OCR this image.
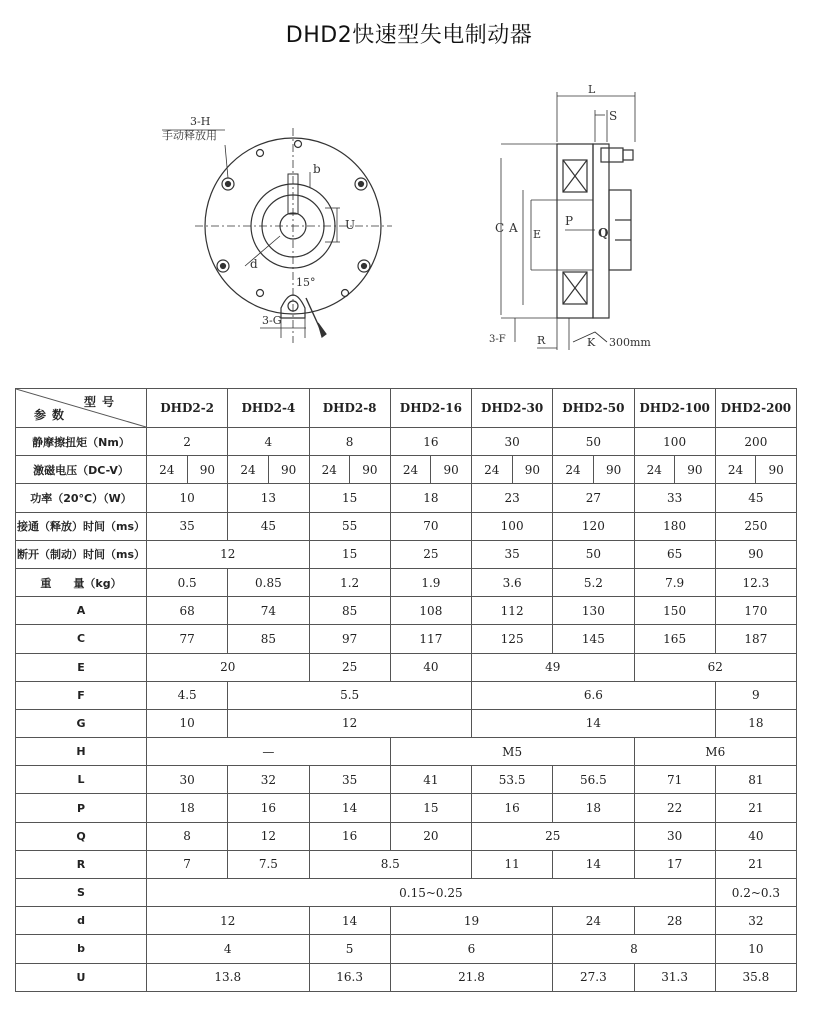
DHD2快速型失电制动器
3-H
手动释放用
b
U
d
15°
3-G
L
S
C A E
P
Q
3-F	R	K 300mm
型号
参数	DHD2-2		DHD2-4		DHD2-8		DHD2-16		DHD2-30		DHD2-50		DHD2-100		DHD2-200	
静摩擦扭矩（Nm）	2		4		8		16		30		50		100		200	
激磁电压（DC-V）	24	90	24	90	24	90	24	90	24	90	24	90	24	90	24	90
功率（20°C）（W）	10		13		15		18		23		27		33		45	
接通（释放）时间（ms）	35		45		55		70		100		120		180		250	
断开（制动）时间（ms）	12				15		25		35		50		65		90	
重　　量（kg）	0.5		0.85		1.2		1.9		3.6		5.2		7.9		12.3	
A	68		74		85		108		112		130		150		170	
C	77		85		97		117		125		145		165		187	
E	20				25		40		49				62			
F	4.5		5.5						6.6						9	
G	10		12						14						18	
H	—						M5						M6			
L	30		32		35		41		53.5		56.5		71		81	
P	18		16		14		15		16		18		22		21	
Q	8		12		16		20		25				30		40	
R	7		7.5		8.5				11		14		17		21	
S	0.15~0.25														0.2~0.3	
d	12				14		19				24		28		32	
b	4				5		6				8				10	
U	13.8				16.3		21.8				27.3		31.3		35.8	
